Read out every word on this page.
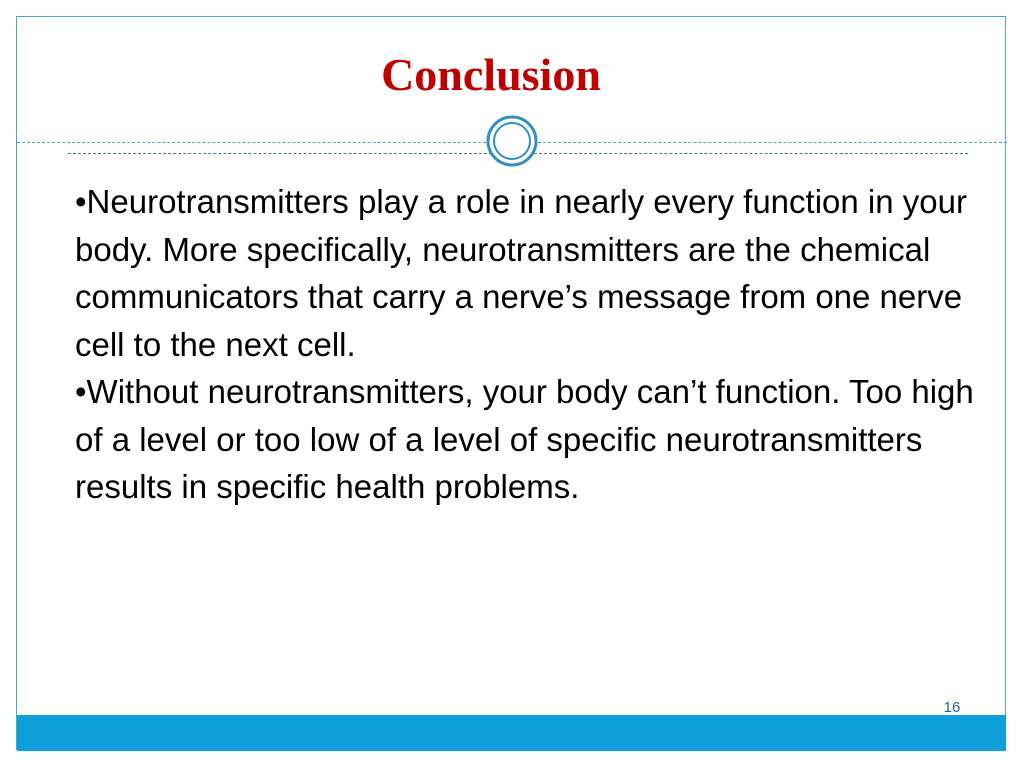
Conclusion

•Neurotransmitters play a role in nearly every function in your body. More specifically, neurotransmitters are the chemical communicators that carry a nerve’s message from one nerve cell to the next cell.

•Without neurotransmitters, your body can’t function. Too high of a level or too low of a level of specific neurotransmitters results in specific health problems.

16
